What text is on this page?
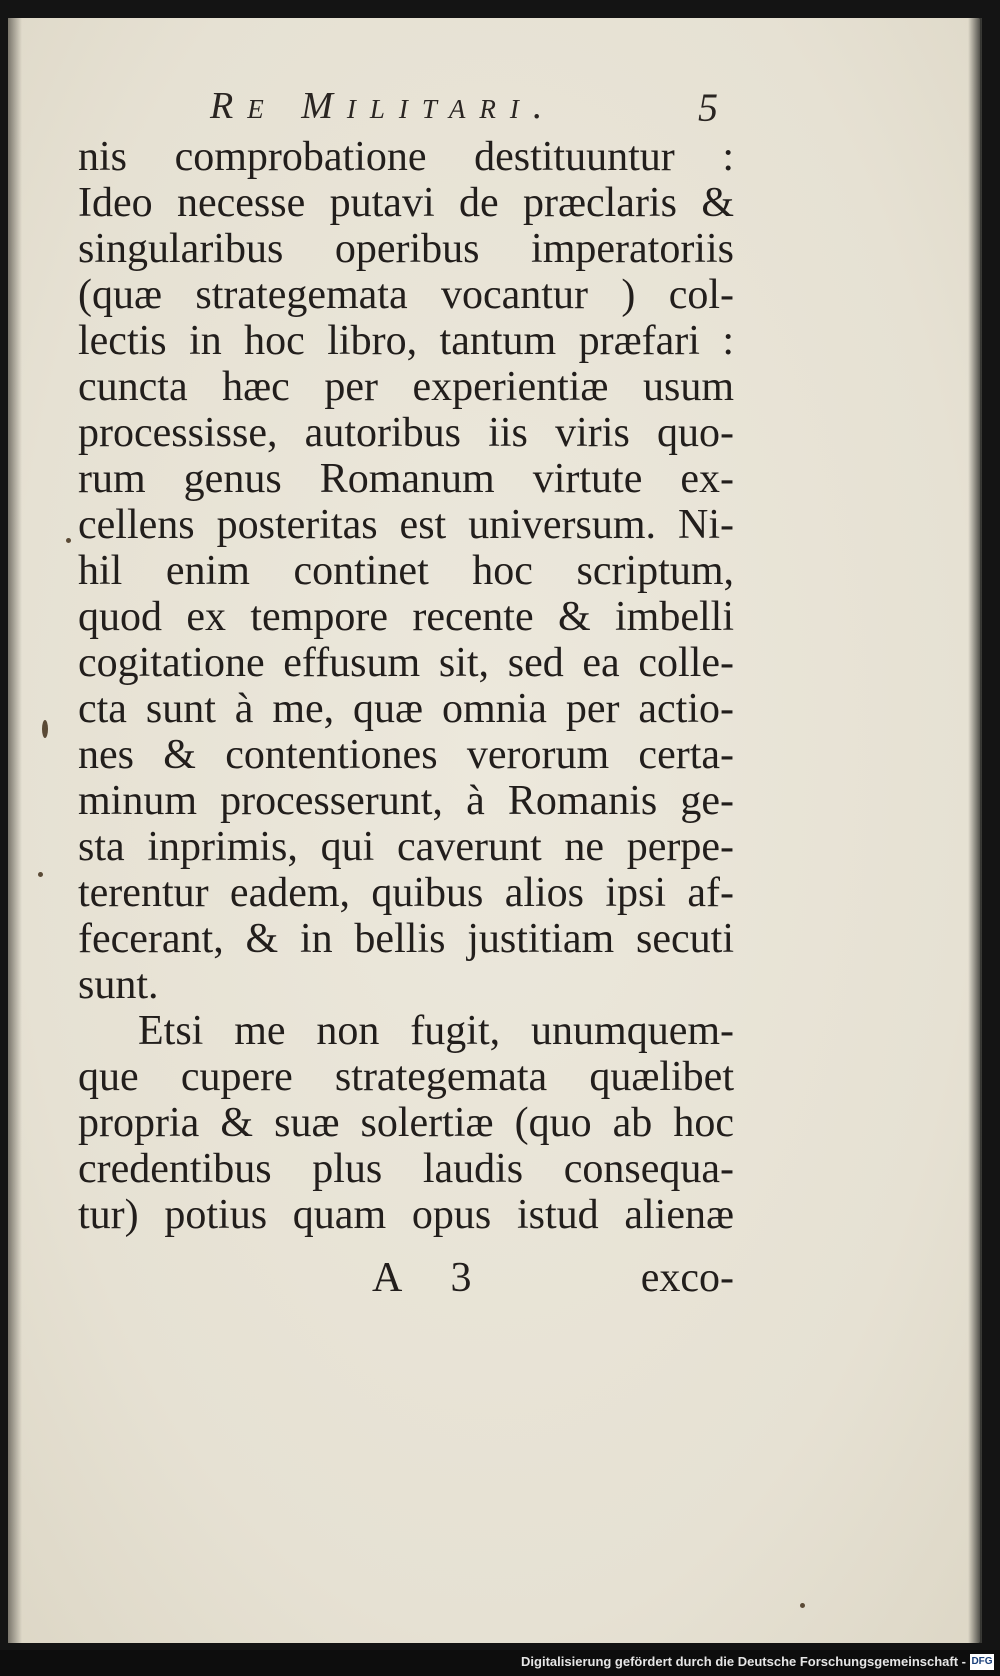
Re Militari.	5
nis comprobatione destituuntur :
Ideo necesse putavi de præclaris &
singularibus operibus imperatoriis
(quæ strategemata vocantur ) col-
lectis in hoc libro, tantum præfari :
cuncta hæc per experientiæ usum
processisse, autoribus iis viris quo-
rum genus Romanum virtute ex-
cellens posteritas est universum. Ni-
hil enim continet hoc scriptum,
quod ex tempore recente & imbelli
cogitatione effusum sit, sed ea colle-
cta sunt à me, quæ omnia per actio-
nes & contentiones verorum certa-
minum processerunt, à Romanis ge-
sta inprimis, qui caverunt ne perpe-
terentur eadem, quibus alios ipsi af-
fecerant, & in bellis justitiam secuti
sunt.
Etsi me non fugit, unumquem-
que cupere strategemata quælibet
propria & suæ solertiæ (quo ab hoc
credentibus plus laudis consequa-
tur) potius quam opus istud alienæ
A 3	exco-
Digitalisierung gefördert durch die Deutsche Forschungsgemeinschaft - DFG
